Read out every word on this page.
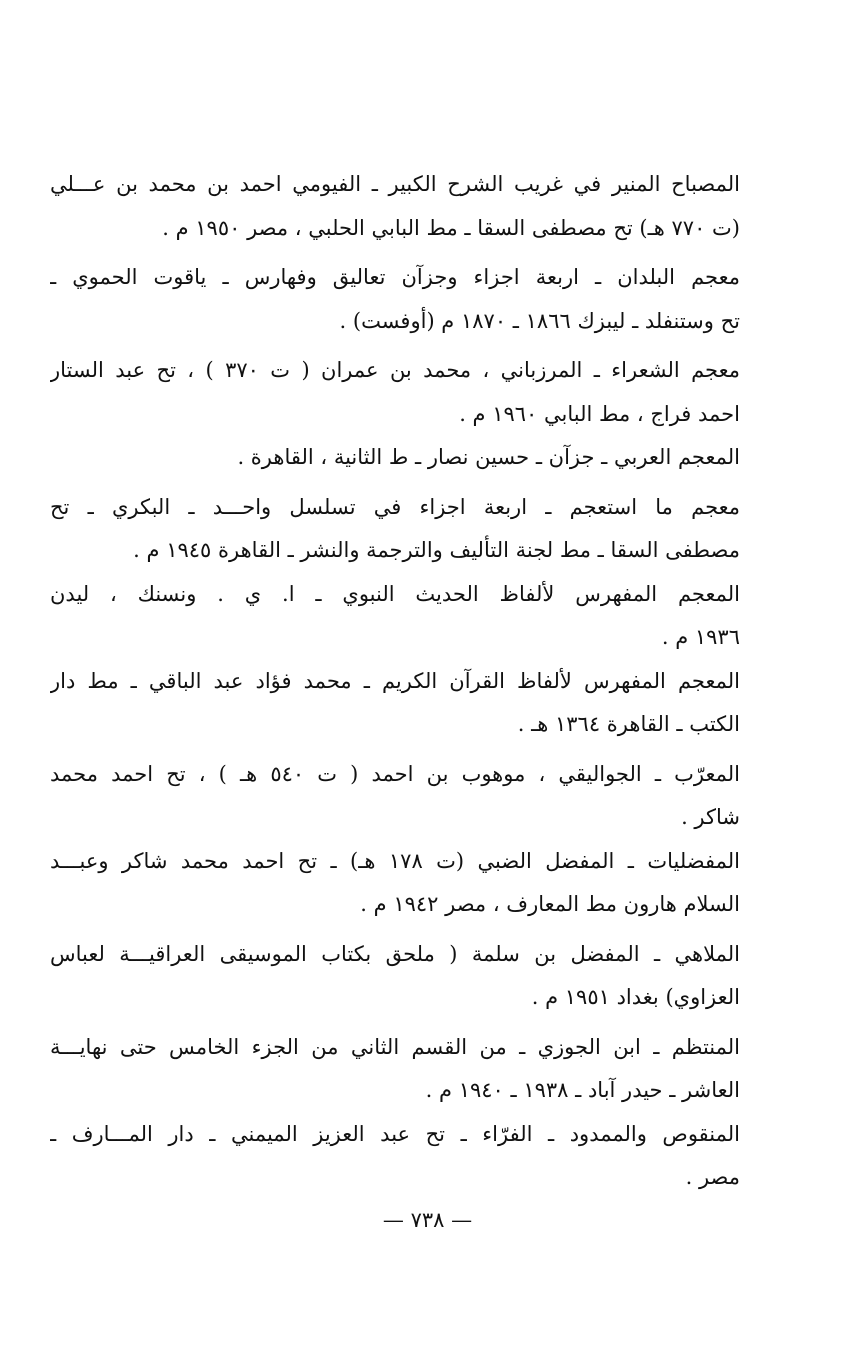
المصباح المنير في غريب الشرح الكبير ـ الفيومي احمد بن محمد بن عـــلي
(ت ٧٧٠ هـ) تح مصطفى السقا ـ مط البابي الحلبي ، مصر ١٩٥٠ م .
معجم البلدان ـ اربعة اجزاء وجزآن تعاليق وفهارس ـ ياقوت الحموي ـ
تح وستنفلد ـ ليبزك ١٨٦٦ ـ ١٨٧٠ م (أوفست) .
معجم الشعراء ـ المرزباني ، محمد بن عمران ( ت ٣٧٠ ) ، تح عبد الستار
احمد فراج ، مط البابي ١٩٦٠ م .
المعجم العربي ـ جزآن ـ حسين نصار ـ ط الثانية ، القاهرة .
معجم ما استعجم ـ اربعة اجزاء في تسلسل واحـــد ـ البكري ـ تح
مصطفى السقا ـ مط لجنة التأليف والترجمة والنشر ـ القاهرة ١٩٤٥ م .
المعجم المفهرس لألفاظ الحديث النبوي ـ ا. ي . ونسنك ، ليدن
١٩٣٦ م .
المعجم المفهرس لألفاظ القرآن الكريم ـ محمد فؤاد عبد الباقي ـ مط دار
الكتب ـ القاهرة ١٣٦٤ هـ .
المعرّب ـ الجواليقي ، موهوب بن احمد ( ت ٥٤٠ هـ ) ، تح احمد محمد
شاكر .
المفضليات ـ المفضل الضبي (ت ١٧٨ هـ) ـ تح احمد محمد شاكر وعبـــد
السلام هارون مط المعارف ، مصر ١٩٤٢ م .
الملاهي ـ المفضل بن سلمة ( ملحق بكتاب الموسيقى العراقيـــة لعباس
العزاوي) بغداد ١٩٥١ م .
المنتظم ـ ابن الجوزي ـ من القسم الثاني من الجزء الخامس حتى نهايـــة
العاشر ـ حيدر آباد ـ ١٩٣٨ ـ ١٩٤٠ م .
المنقوص والممدود ـ الفرّاء ـ تح عبد العزيز الميمني ـ دار المـــارف ـ
مصر .
— ٧٣٨ —
